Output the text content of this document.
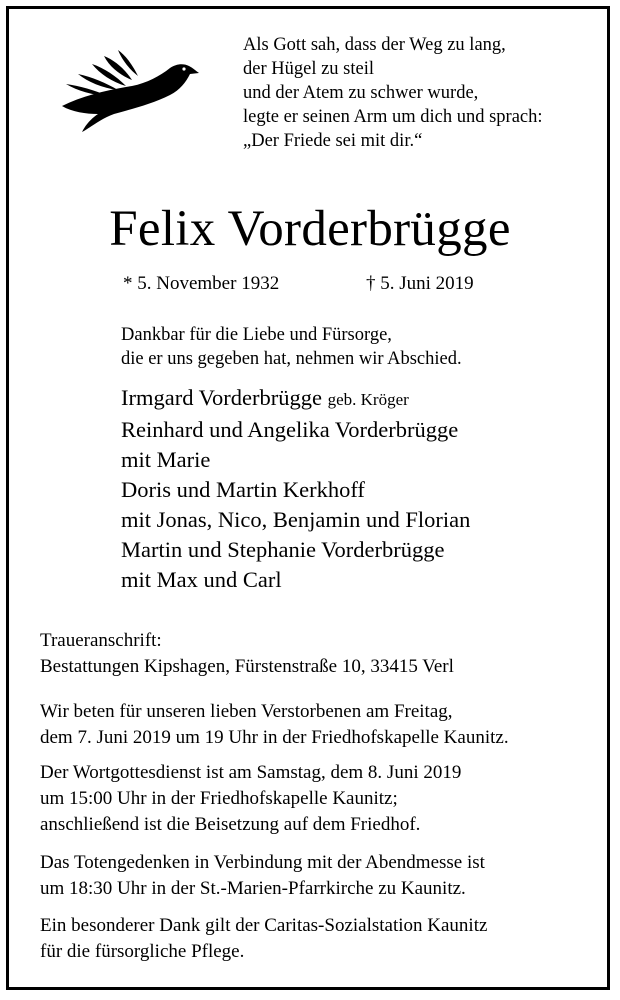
Als Gott sah, dass der Weg zu lang,
der Hügel zu steil
und der Atem zu schwer wurde,
legte er seinen Arm um dich und sprach:
„Der Friede sei mit dir.“
Felix Vorderbrügge
* 5. November 1932	† 5. Juni 2019
Dankbar für die Liebe und Fürsorge,
die er uns gegeben hat, nehmen wir Abschied.
Irmgard Vorderbrügge geb. Kröger
Reinhard und Angelika Vorderbrügge
mit Marie
Doris und Martin Kerkhoff
mit Jonas, Nico, Benjamin und Florian
Martin und Stephanie Vorderbrügge
mit Max und Carl
Traueranschrift:
Bestattungen Kipshagen, Fürstenstraße 10, 33415 Verl
Wir beten für unseren lieben Verstorbenen am Freitag,
dem 7. Juni 2019 um 19 Uhr in der Friedhofskapelle Kaunitz.
Der Wortgottesdienst ist am Samstag, dem 8. Juni 2019
um 15:00 Uhr in der Friedhofskapelle Kaunitz;
anschließend ist die Beisetzung auf dem Friedhof.
Das Totengedenken in Verbindung mit der Abendmesse ist
um 18:30 Uhr in der St.-Marien-Pfarrkirche zu Kaunitz.
Ein besonderer Dank gilt der Caritas-Sozialstation Kaunitz
für die fürsorgliche Pflege.
